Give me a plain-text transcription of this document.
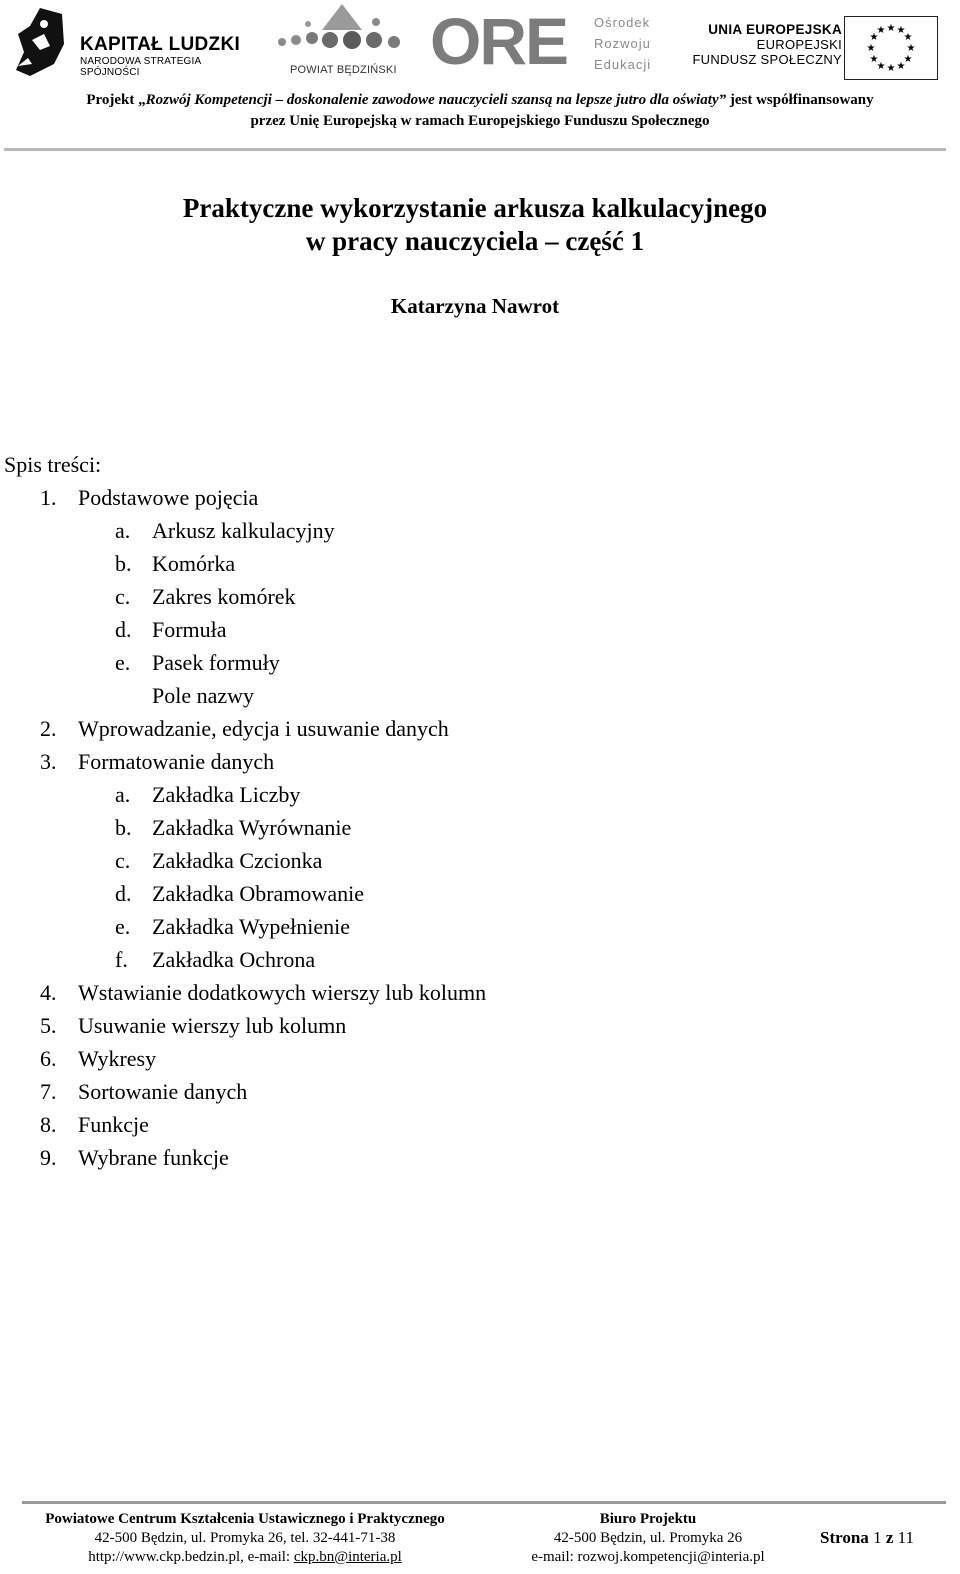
KAPITAŁ LUDZKI
NARODOWA STRATEGIA SPÓJNOŚCI	POWIAT BĘDZIŃSKI ORE Ośrodek
Rozwoju
Edukacji
UNIA EUROPEJSKA
EUROPEJSKI
FUNDUSZ SPOŁECZNY
★ ★
★
★
★
★
★
★
★
★
★
★
Projekt „Rozwój Kompetencji – doskonalenie zawodowe nauczycieli szansą na lepsze jutro dla oświaty” jest współfinansowany
przez Unię Europejską w ramach Europejskiego Funduszu Społecznego
Praktyczne wykorzystanie arkusza kalkulacyjnego
w pracy nauczyciela – część 1
Katarzyna Nawrot
Spis treści:
1. Podstawowe pojęcia
a. Arkusz kalkulacyjny
b. Komórka
c. Zakres komórek
d. Formuła
e. Pasek formuły
Pole nazwy
2. Wprowadzanie, edycja i usuwanie danych
3. Formatowanie danych
a. Zakładka Liczby
b. Zakładka Wyrównanie
c. Zakładka Czcionka
d. Zakładka Obramowanie
e. Zakładka Wypełnienie
f. Zakładka Ochrona
4. Wstawianie dodatkowych wierszy lub kolumn
5. Usuwanie wierszy lub kolumn
6. Wykresy
7. Sortowanie danych
8. Funkcje
9. Wybrane funkcje
Powiatowe Centrum Kształcenia Ustawicznego i Praktycznego
42-500 Będzin, ul. Promyka 26, tel. 32-441-71-38
http://www.ckp.bedzin.pl, e-mail: ckp.bn@interia.pl
Biuro Projektu
42-500 Będzin, ul. Promyka 26
e-mail: rozwoj.kompetencji@interia.pl
Strona 1 z 11
